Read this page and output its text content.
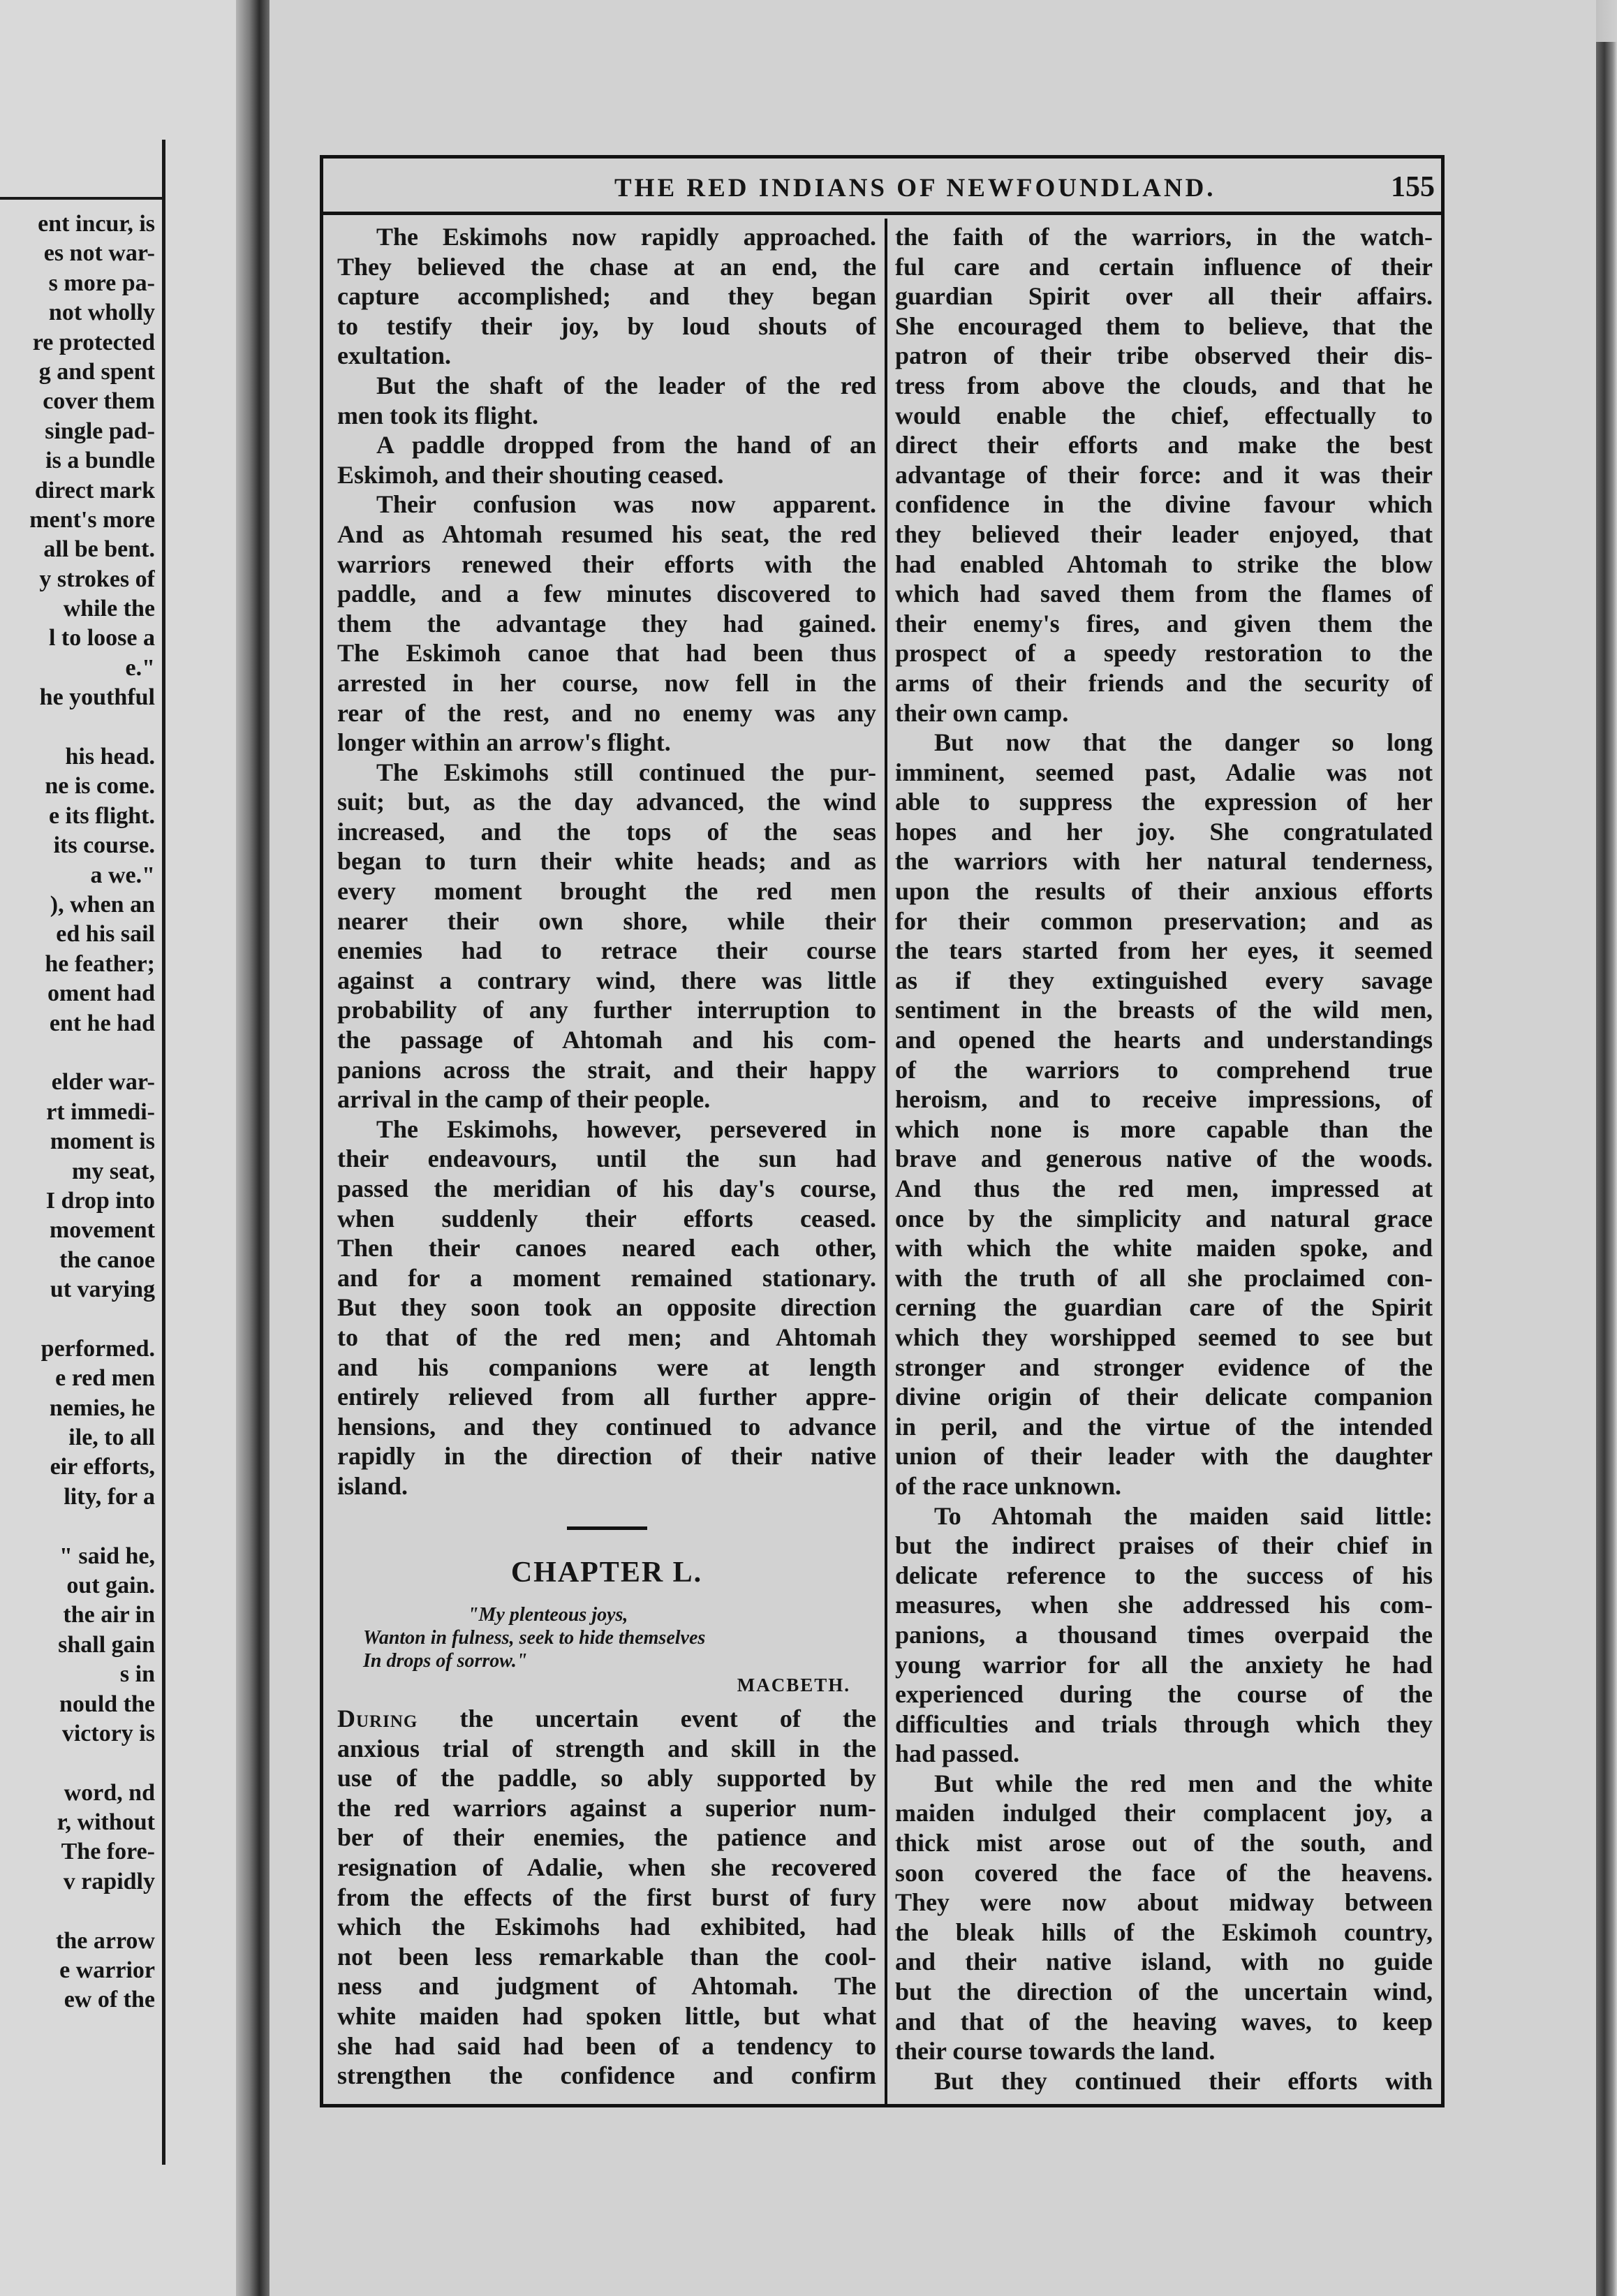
ent incur, is
es not war-
s more pa-
not wholly
re protected
g and spent
cover them
single pad-
is a bundle
direct mark
ment's more
all be bent.
y strokes of
while the
l to loose a
e."
he youthful
his head.
ne is come.
e its flight.
its course.
a we."
), when an
ed his sail
he feather;
oment had
ent he had
elder war-
rt immedi-
moment is
my seat,
I drop into
movement
the canoe
ut varying
performed.
e red men
nemies, he
ile, to all
eir efforts,
lity, for a
" said he,
out gain.
the air in
shall gain
s in
nould the
victory is
word, nd
r, without
The fore-
v rapidly
the arrow
e warrior
ew of the
THE RED INDIANS OF NEWFOUNDLAND.	155
The Eskimohs now rapidly approached.
They believed the chase at an end, the
capture accomplished; and they began
to testify their joy, by loud shouts of
exultation.
But the shaft of the leader of the red
men took its flight.
A paddle dropped from the hand of an
Eskimoh, and their shouting ceased.
Their confusion was now apparent.
And as Ahtomah resumed his seat, the red
warriors renewed their efforts with the
paddle, and a few minutes discovered to
them the advantage they had gained.
The Eskimoh canoe that had been thus
arrested in her course, now fell in the
rear of the rest, and no enemy was any
longer within an arrow's flight.
The Eskimohs still continued the pur-
suit; but, as the day advanced, the wind
increased, and the tops of the seas
began to turn their white heads; and as
every moment brought the red men
nearer their own shore, while their
enemies had to retrace their course
against a contrary wind, there was little
probability of any further interruption to
the passage of Ahtomah and his com-
panions across the strait, and their happy
arrival in the camp of their people.
The Eskimohs, however, persevered in
their endeavours, until the sun had
passed the meridian of his day's course,
when suddenly their efforts ceased.
Then their canoes neared each other,
and for a moment remained stationary.
But they soon took an opposite direction
to that of the red men; and Ahtomah
and his companions were at length
entirely relieved from all further appre-
hensions, and they continued to advance
rapidly in the direction of their native
island.
CHAPTER L.
"My plenteous joys,
Wanton in fulness, seek to hide themselves
In drops of sorrow."
MACBETH.
During the uncertain event of the
anxious trial of strength and skill in the
use of the paddle, so ably supported by
the red warriors against a superior num-
ber of their enemies, the patience and
resignation of Adalie, when she recovered
from the effects of the first burst of fury
which the Eskimohs had exhibited, had
not been less remarkable than the cool-
ness and judgment of Ahtomah. The
white maiden had spoken little, but what
she had said had been of a tendency to
strengthen the confidence and confirm
the faith of the warriors, in the watch-
ful care and certain influence of their
guardian Spirit over all their affairs.
She encouraged them to believe, that the
patron of their tribe observed their dis-
tress from above the clouds, and that he
would enable the chief, effectually to
direct their efforts and make the best
advantage of their force: and it was their
confidence in the divine favour which
they believed their leader enjoyed, that
had enabled Ahtomah to strike the blow
which had saved them from the flames of
their enemy's fires, and given them the
prospect of a speedy restoration to the
arms of their friends and the security of
their own camp.
But now that the danger so long
imminent, seemed past, Adalie was not
able to suppress the expression of her
hopes and her joy. She congratulated
the warriors with her natural tenderness,
upon the results of their anxious efforts
for their common preservation; and as
the tears started from her eyes, it seemed
as if they extinguished every savage
sentiment in the breasts of the wild men,
and opened the hearts and understandings
of the warriors to comprehend true
heroism, and to receive impressions, of
which none is more capable than the
brave and generous native of the woods.
And thus the red men, impressed at
once by the simplicity and natural grace
with which the white maiden spoke, and
with the truth of all she proclaimed con-
cerning the guardian care of the Spirit
which they worshipped seemed to see but
stronger and stronger evidence of the
divine origin of their delicate companion
in peril, and the virtue of the intended
union of their leader with the daughter
of the race unknown.
To Ahtomah the maiden said little:
but the indirect praises of their chief in
delicate reference to the success of his
measures, when she addressed his com-
panions, a thousand times overpaid the
young warrior for all the anxiety he had
experienced during the course of the
difficulties and trials through which they
had passed.
But while the red men and the white
maiden indulged their complacent joy, a
thick mist arose out of the south, and
soon covered the face of the heavens.
They were now about midway between
the bleak hills of the Eskimoh country,
and their native island, with no guide
but the direction of the uncertain wind,
and that of the heaving waves, to keep
their course towards the land.
But they continued their efforts with
